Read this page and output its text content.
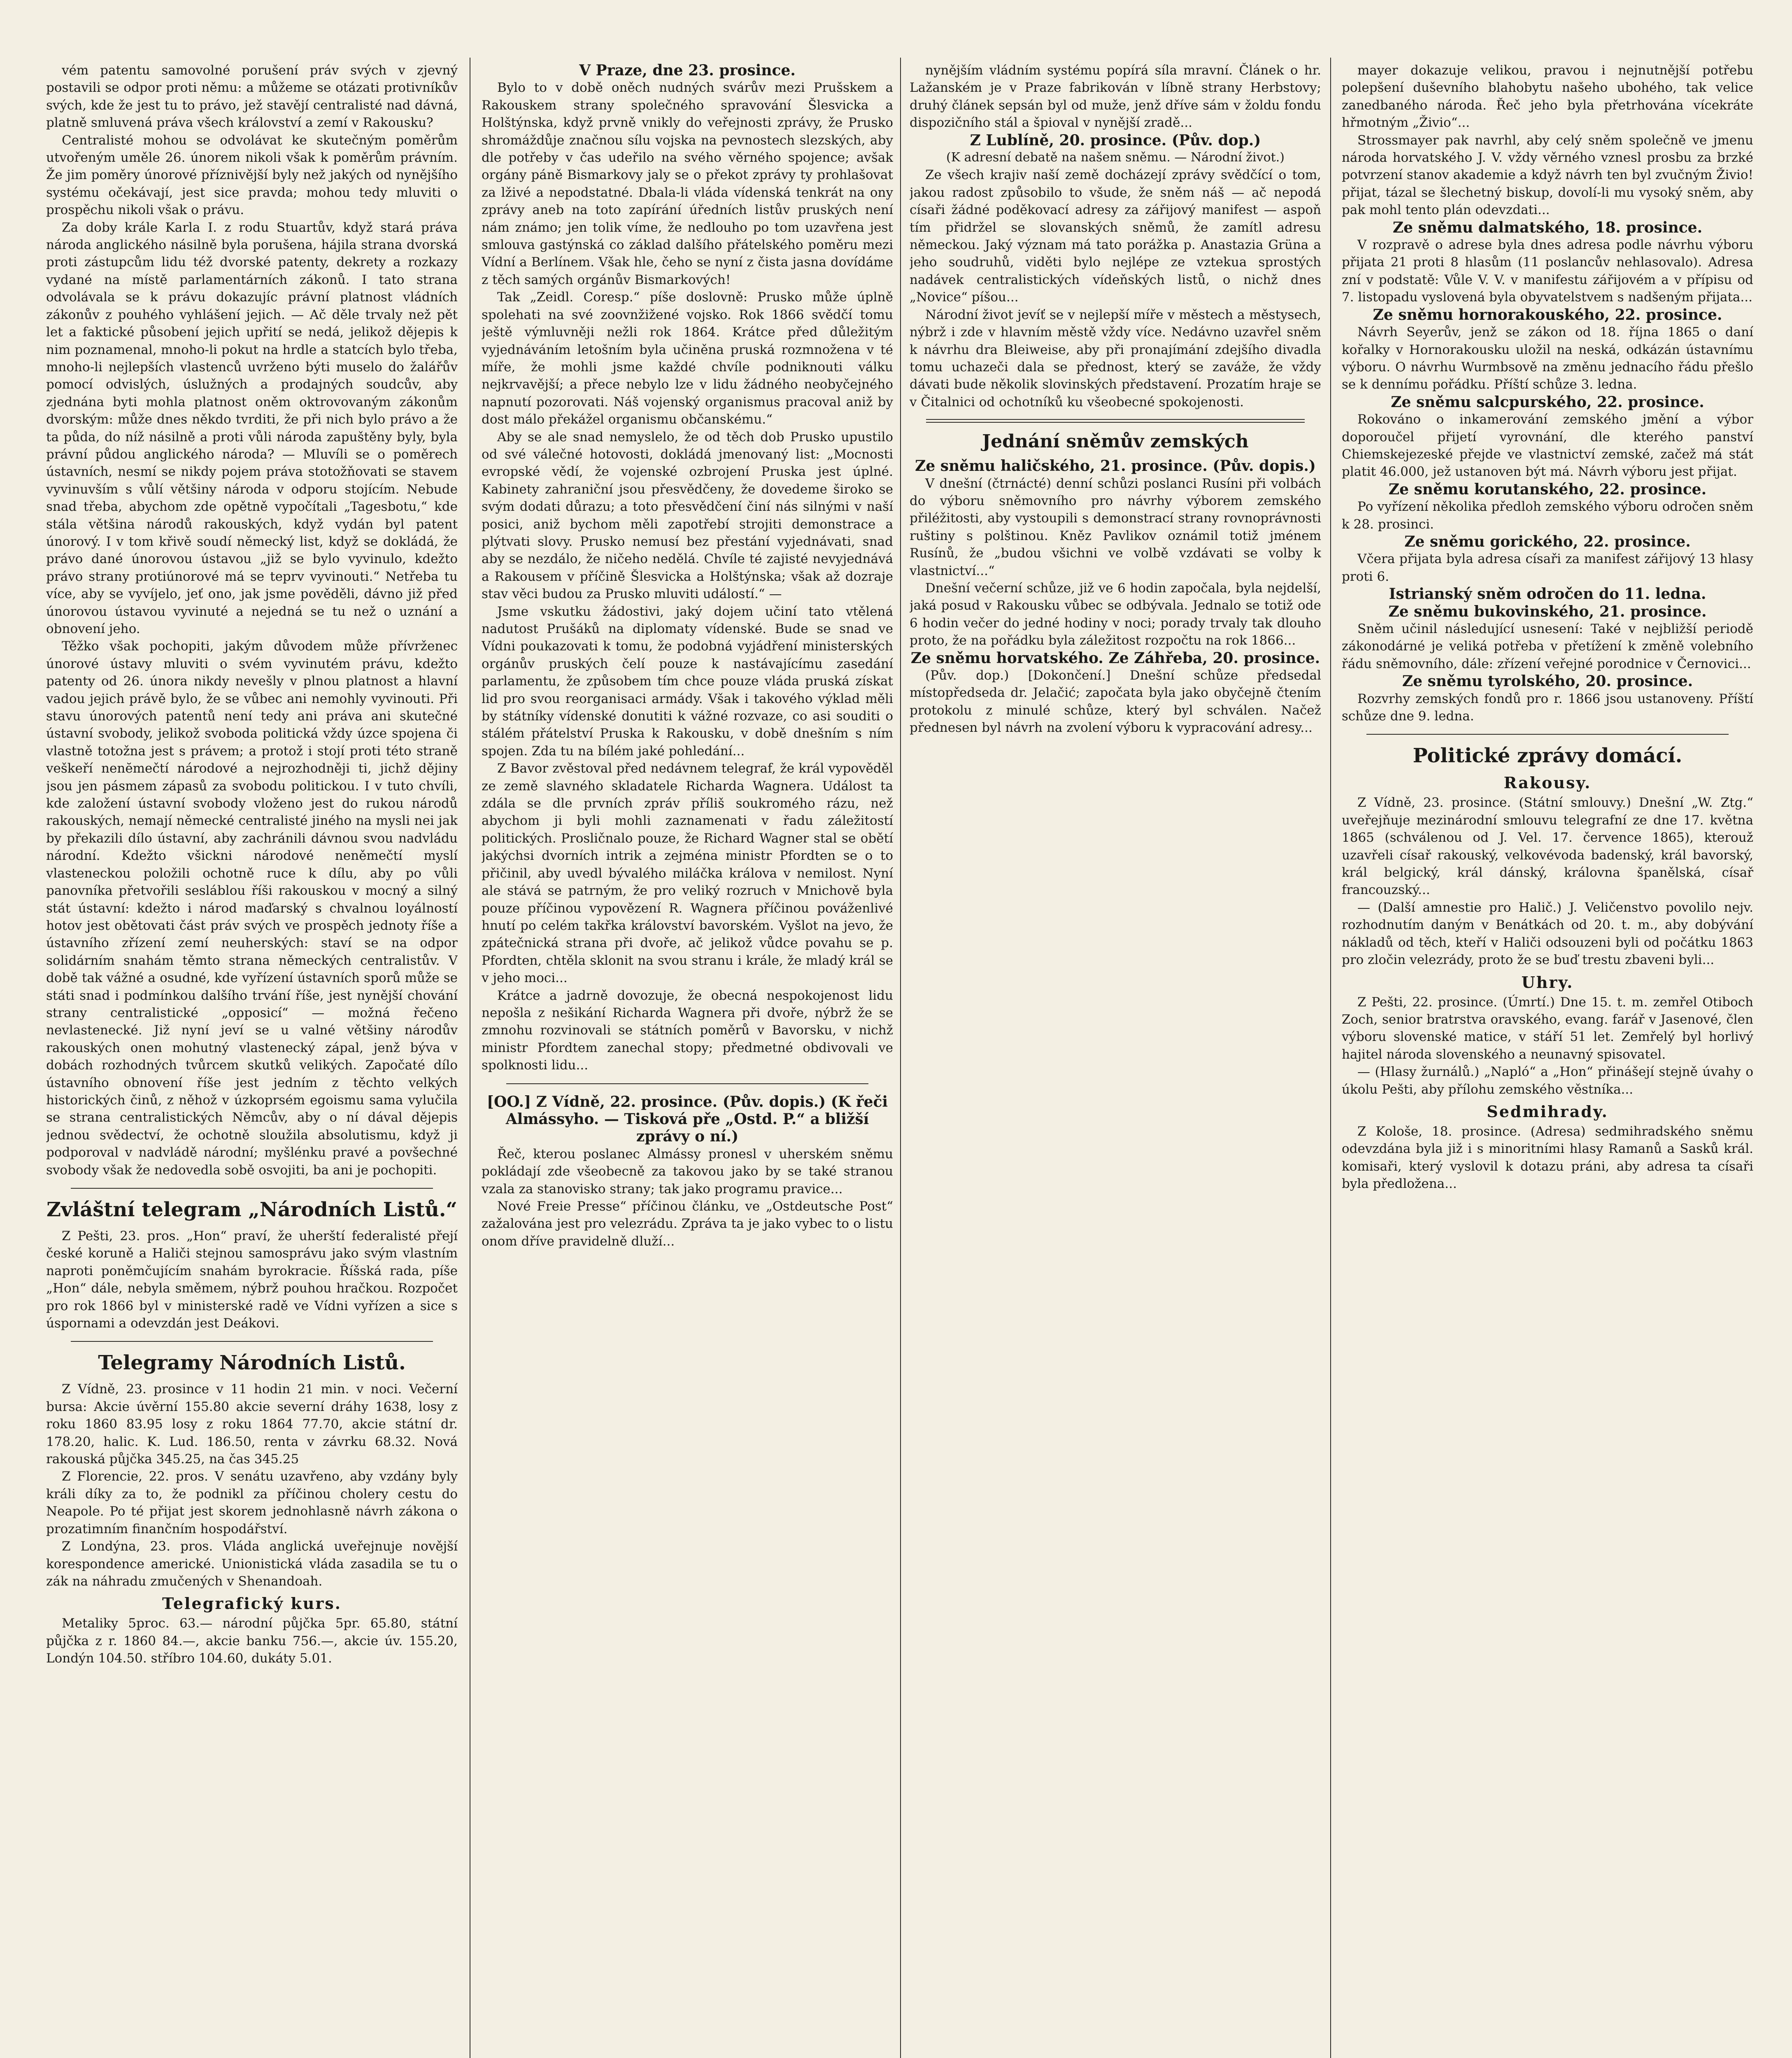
vém patentu samovolné porušení práv svých v zjevný postavili se odpor proti němu: a můžeme se otázati protivníkův svých, kde že jest tu to právo, jež stavějí centralisté nad dávná, platně smluvená práva všech království a zemí v Rakousku?

Centralisté mohou se odvolávat ke skutečným poměrům utvořeným uměle 26. únorem nikoli však k poměrům právním. Že jim poměry únorové příznivější byly než jakých od nynějšího systému očekávají, jest sice pravda; mohou tedy mluviti o prospěchu nikoli však o právu.

Za doby krále Karla I. z rodu Stuartův, když stará práva národa anglického násilně byla porušena, hájila strana dvorská proti zástupcům lidu též dvorské patenty, dekrety a rozkazy vydané na místě parlamentárních zákonů. I tato strana odvolávala se k právu dokazujíc právní platnost vládních zákonův z pouhého vyhlášení jejich. — Ač děle trvaly než pět let a faktické působení jejich upřití se nedá, jelikož dějepis k nim poznamenal, mnoho-li pokut na hrdle a statcích bylo třeba, mnoho-li nejlepších vlastenců uvrženo býti muselo do žalářův pomocí odvislých, úslužných a prodajných soudcův, aby zjednána byti mohla platnost oněm oktrovovaným zákonům dvorským: může dnes někdo tvrditi, že při nich bylo právo a že ta půda, do níž násilně a proti vůli národa zapuštěny byly, byla právní půdou anglického národa? — Mluvíli se o poměrech ústavních, nesmí se nikdy pojem práva stotožňovati se stavem vyvinuvším s vůlí většiny národa v odporu stojícím. Nebude snad třeba, abychom zde opětně vypočítali „Tagesbotu,“ kde stála většina národů rakouských, když vydán byl patent únorový. I v tom křivě soudí německý list, když se dokládá, že právo dané únorovou ústavou „již se bylo vyvinulo, kdežto právo strany protiúnorové má se teprv vyvinouti.“ Netřeba tu více, aby se vyvíjelo, jeť ono, jak jsme pověděli, dávno již před únorovou ústavou vyvinuté a nejedná se tu než o uznání a obnovení jeho.

Těžko však pochopiti, jakým důvodem může přívrženec únorové ústavy mluviti o svém vyvinutém právu, kdežto patenty od 26. února nikdy nevešly v plnou platnost a hlavní vadou jejich právě bylo, že se vůbec ani nemohly vyvinouti. Při stavu únorových patentů není tedy ani práva ani skutečné ústavní svobody, jelikož svoboda politická vždy úzce spojena či vlastně totožna jest s právem; a protož i stojí proti této straně veškeří nenĕmečtí národové a nejrozhodněji ti, jichž dějiny jsou jen pásmem zápasů za svobodu politickou. I v tuto chvíli, kde založení ústavní svobody vloženo jest do rukou národů rakouských, nemají německé centralisté jiného na mysli nei jak by překazili dílo ústavní, aby zachránili dávnou svou nadvládu národní. Kdežto všickni národové neněmečtí myslí vlasteneckou položili ochotně ruce k dílu, aby po vůli panovníka přetvořili sesláblou říši rakouskou v mocný a silný stát ústavní: kdežto i národ maďarský s chvalnou loyálností hotov jest obětovati část práv svých ve prospěch jednoty říše a ústavního zřízení zemí neuherských: staví se na odpor solidárním snahám těmto strana německých centralistův. V době tak vážné a osudné, kde vyřízení ústavních sporů může se státi snad i podmínkou dalšího trvání říše, jest nynější chování strany centralistické „opposicí“ — možná řečeno nevlastenecké. Již nyní jeví se u valné většiny národův rakouských onen mohutný vlastenecký zápal, jenž býva v dobách rozhodných tvůrcem skutků velikých. Započaté dílo ústavního obnovení říše jest jedním z těchto velkých historických činů, z něhož v úzkoprsém egoismu sama vylučila se strana centralistických Němcův, aby o ní dával dějepis jednou svědectví, že ochotně sloužila absolutismu, když ji podporoval v nadvládě národní; myšlénku pravé a povšechné svobody však že nedovedla sobě osvojiti, ba ani je pochopiti.

Zvláštní telegram „Národních Listů.“

Z Pešti, 23. pros. „Hon“ praví, že uherští federalisté přejí české koruně a Haliči stejnou samosprávu jako svým vlastním naproti poněmčujícím snahám byrokracie. Říšská rada, píše „Hon“ dále, nebyla směmem, nýbrž pouhou hračkou. Rozpočet pro rok 1866 byl v ministerské radě ve Vídni vyřízen a sice s úspornami a odevzdán jest Deákovi.

Telegramy Národních Listů.

Z Vídně, 23. prosince v 11 hodin 21 min. v noci. Večerní bursa: Akcie úvěrní 155.80 akcie severní dráhy 1638, losy z roku 1860 83.95 losy z roku 1864 77.70, akcie státní dr. 178.20, halic. K. Lud. 186.50, renta v závrku 68.32. Nová rakouská půjčka 345.25, na čas 345.25

Z Florencie, 22. pros. V senátu uzavřeno, aby vzdány byly králi díky za to, že podnikl za příčinou cholery cestu do Neapole. Po té přijat jest skorem jednohlasně návrh zákona o prozatimním finančním hospodářství.

Z Londýna, 23. pros. Vláda anglická uveřejnuje novější korespondence americké. Unionistická vláda zasadila se tu o zák na náhradu zmučených v Shenandoah.

Telegrafický kurs.

Metaliky 5proc. 63.— národní půjčka 5pr. 65.80, státní půjčka z r. 1860 84.—, akcie banku 756.—, akcie úv. 155.20, Londýn 104.50. stříbro 104.60, dukáty 5.01.

V Praze, dne 23. prosince.

Bylo to v době oněch nudných svárův mezi Prušskem a Rakouskem strany společného spravování Šlesvicka a Holštýnska, když prvně vnikly do veřejnosti zprávy, že Prusko shromáždůje značnou sílu vojska na pevnostech slezských, aby dle potřeby v čas udeřilo na svého věrného spojence; avšak orgány páně Bismarkovy jaly se o překot zprávy ty prohlašovat za lživé a nepodstatné. Dbala-li vláda vídenská tenkrát na ony zprávy aneb na toto zapírání úředních listův pruských není nám známo; jen tolik víme, že nedlouho po tom uzavřena jest smlouva gastýnská co základ dalšího přátelského poměru mezi Vídní a Berlínem. Však hle, čeho se nyní z čista jasna dovídáme z těch samých orgánův Bismarkových!

Tak „Zeidl. Coresp.“ píše doslovně: Prusko může úplně spolehati na své zoovnžižené vojsko. Rok 1866 svědčí tomu ještě výmluvněji nežli rok 1864. Krátce před důležitým vyjednáváním letošním byla učiněna pruská rozmnožena v té míře, že mohli jsme každé chvíle podniknouti válku nejkrvavější; a přece nebylo lze v lidu žádného neobyčejného napnutí pozorovati. Náš vojenský organismus pracoval aniž by dost málo překážel organismu občanskému.“

Aby se ale snad nemyslelo, že od těch dob Prusko upustilo od své válečné hotovosti, dokládá jmenovaný list: „Mocnosti evropské vědí, že vojenské ozbrojení Pruska jest úplné. Kabinety zahraniční jsou přesvědčeny, že dovedeme široko se svým dodati důrazu; a toto přesvědčení činí nás silnými v naší posici, aniž bychom měli zapotřebí strojiti demonstrace a plýtvati slovy. Prusko nemusí bez přestání vyjednávati, snad aby se nezdálo, že ničeho nedělá. Chvíle té zajisté nevyjednává a Rakousem v příčině Šlesvicka a Holštýnska; však až dozraje stav věci budou za Prusko mluviti událostí.“ —

Jsme vskutku žádostivi, jaký dojem učiní tato vtělená nadutost Prušáků na diplomaty vídenské. Bude se snad ve Vídni poukazovati k tomu, že podobná vyjádření ministerských orgánův pruských čelí pouze k nastávajícímu zasedání parlamentu, že způsobem tím chce pouze vláda pruská získat lid pro svou reorganisaci armády. Však i takového výklad měli by státníky vídenské donutiti k vážné rozvaze, co asi souditi o stálém přátelství Pruska k Rakousku, v době dnešním s ním spojen. Zda tu na bílém jaké pohledání...

Z Bavor zvěstoval před nedávnem telegraf, že král vypověděl ze země slavného skladatele Richarda Wagnera. Událost ta zdála se dle prvních zpráv příliš soukromého rázu, než abychom ji byli mohli zaznamenati v řadu záležitostí politických. Prosličnalo pouze, že Richard Wagner stal se obětí jakýchsi dvorních intrik a zejména ministr Pfordten se o to přičinil, aby uvedl bývalého miláčka králova v nemilost. Nyní ale stává se patrným, že pro veliký rozruch v Mnichově byla pouze příčinou vypovězení R. Wagnera příčinou pováženlivé hnutí po celém takřka království bavorském. Vyšlot na jevo, že zpátečnická strana při dvoře, ač jelikož vůdce povahu se p. Pfordten, chtěla sklonit na svou stranu i krále, že mladý král se v jeho moci...

Krátce a jadrně dovozuje, že obecná nespokojenost lidu nepošla z nešikání Richarda Wagnera při dvoře, nýbrž že se zmnohu rozvinovali se státních poměrů v Bavorsku, v nichž ministr Pfordtem zanechal stopy; předmetné obdivovali ve spolknosti lidu...

[OO.] Z Vídně, 22. prosince. (Pův. dopis.) (K řeči Almássyho. — Tisková pře „Ostd. P.“ a bližší zprávy o ní.)

Řeč, kterou poslanec Almássy pronesl v uherském sněmu pokládají zde všeobecně za takovou jako by se také stranou vzala za stanovisko strany; tak jako programu pravice...

Nové Freie Presse“ příčinou článku, ve „Ostdeutsche Post“ zažalována jest pro velezrádu. Zpráva ta je jako vybec to o listu onom dříve pravidelně dluží...

nynějším vládním systému popírá síla mravní. Článek o hr. Lažanském je v Praze fabrikován v líbně strany Herbstovy; druhý článek sepsán byl od muže, jenž dříve sám v žoldu fondu dispozičního stál a špioval v nynější zradě...

Z Lublíně, 20. prosince. (Pův. dop.)
(K adresní debatě na našem sněmu. — Národní život.)

Ze všech krajiv naší země docházejí zprávy svědčící o tom, jakou radost způsobilo to všude, že sněm náš — ač nepodá císaři žádné poděkovací adresy za zářijový manifest — aspoň tím přidržel se slovanských sněmů, že zamítl adresu německou. Jaký význam má tato porážka p. Anastazia Grüna a jeho soudruhů, viděti bylo nejlépe ze vztekua sprostých nadávek centralistických vídeňských listů, o nichž dnes „Novice“ píšou...

Národní život jevíť se v nejlepší míře v městech a městysech, nýbrž i zde v hlavním městě vždy více. Nedávno uzavřel sněm k návrhu dra Bleiweise, aby při pronajímání zdejšího divadla tomu uchazeči dala se přednost, který se zaváže, že vždy dávati bude několik slovinských představení. Prozatím hraje se v Čitalnici od ochotníků ku všeobecné spokojenosti.

Jednání sněmův zemských
Ze sněmu haličského, 21. prosince. (Pův. dopis.)

V dnešní (čtrnácté) denní schůzi poslanci Rusíni při volbách do výboru sněmovního pro návrhy výborem zemského přiléžitosti, aby vystoupili s demonstrací strany rovnoprávnosti ruštiny s polštinou. Kněz Pavlikov oznámil totiž jménem Rusínů, že „budou všichni ve volbě vzdávati se volby k vlastnictví...“

Dnešní večerní schůze, již ve 6 hodin započala, byla nejdelší, jaká posud v Rakousku vůbec se odbývala. Jednalo se totiž ode 6 hodin večer do jedné hodiny v noci; porady trvaly tak dlouho proto, že na pořádku byla záležitost rozpočtu na rok 1866...

Ze sněmu horvatského. Ze Záhřeba, 20. prosince.

(Pův. dop.) [Dokončení.] Dnešní schůze předsedal místopředseda dr. Jelačić; započata byla jako obyčejně čtením protokolu z minulé schůze, který byl schválen. Načež přednesen byl návrh na zvolení výboru k vypracování adresy...

mayer dokazuje velikou, pravou i nejnutnější potřebu polepšení duševního blahobytu našeho ubohého, tak velice zanedbaného národa. Řeč jeho byla přetrhována vícekráte hřmotným „Živio“...

Strossmayer pak navrhl, aby celý sněm společně ve jmenu národa horvatského J. V. vždy věrného vznesl prosbu za brzké potvrzení stanov akademie a když návrh ten byl zvučným Živio! přijat, tázal se šlechetný biskup, dovolí-li mu vysoký sněm, aby pak mohl tento plán odevzdati...

Ze sněmu dalmatského, 18. prosince.

V rozpravě o adrese byla dnes adresa podle návrhu výboru přijata 21 proti 8 hlasům (11 poslancův nehlasovalo). Adresa zní v podstatě: Vůle V. V. v manifestu zářijovém a v přípisu od 7. listopadu vyslovená byla obyvatelstvem s nadšeným přijata...

Ze sněmu hornorakouského, 22. prosince.

Návrh Seyerův, jenž se zákon od 18. října 1865 o daní kořalky v Hornorakousku uložil na neská, odkázán ústavnímu výboru. O návrhu Wurmbsově na změnu jednacího řádu přešlo se k dennímu pořádku. Příští schůze 3. ledna.

Ze sněmu salcpurského, 22. prosince.

Rokováno o inkamerování zemského jmění a výbor doporoučel přijetí vyrovnání, dle kterého panství Chiemskejezeské přejde ve vlastnictví zemské, začež má stát platit 46.000, jež ustanoven být má. Návrh výboru jest přijat.

Ze sněmu korutanského, 22. prosince.

Po vyřízení několika předloh zemského výboru odročen sněm k 28. prosinci.

Ze sněmu gorického, 22. prosince.

Včera přijata byla adresa císaři za manifest zářijový 13 hlasy proti 6.

Istrianský sněm odročen do 11. ledna.
Ze sněmu bukovinského, 21. prosince.

Sněm učinil následující usnesení: Také v nejbližší periodě zákonodárné je veliká potřeba v přetížení k změně volebního řádu sněmovního, dále: zřízení veřejné porodnice v Černovici...

Ze sněmu tyrolského, 20. prosince.

Rozvrhy zemských fondů pro r. 1866 jsou ustanoveny. Příští schůze dne 9. ledna.

Politické zprávy domácí.
Rakousy.

Z Vídně, 23. prosince. (Státní smlouvy.) Dnešní „W. Ztg.“ uveřejňuje mezinárodní smlouvu telegrafní ze dne 17. května 1865 (schválenou od J. Vel. 17. července 1865), kterouž uzavřeli císař rakouský, velkovévoda badenský, král bavorský, král belgický, král dánský, královna španělská, císař francouzský...

— (Další amnestie pro Halič.) J. Veličenstvo povolilo nejv. rozhodnutím daným v Benátkách od 20. t. m., aby dobývání nákladů od těch, kteří v Haliči odsouzeni byli od počátku 1863 pro zločin velezrády, proto že se buď trestu zbaveni byli...

Uhry.

Z Pešti, 22. prosince. (Úmrtí.) Dne 15. t. m. zemřel Otiboch Zoch, senior bratrstva oravského, evang. farář v Jasenové, člen výboru slovenské matice, v stáří 51 let. Zemřelý byl horlivý hajitel národa slovenského a neunavný spisovatel.

— (Hlasy žurnálů.) „Napló“ a „Hon“ přinášejí stejně úvahy o úkolu Pešti, aby přílohu zemského věstníka...

Sedmihrady.

Z Kološe, 18. prosince. (Adresa) sedmihradského sněmu odevzdána byla již i s minoritními hlasy Ramanů a Sasků král. komisaři, který vyslovil k dotazu práni, aby adresa ta císaři byla předložena...
